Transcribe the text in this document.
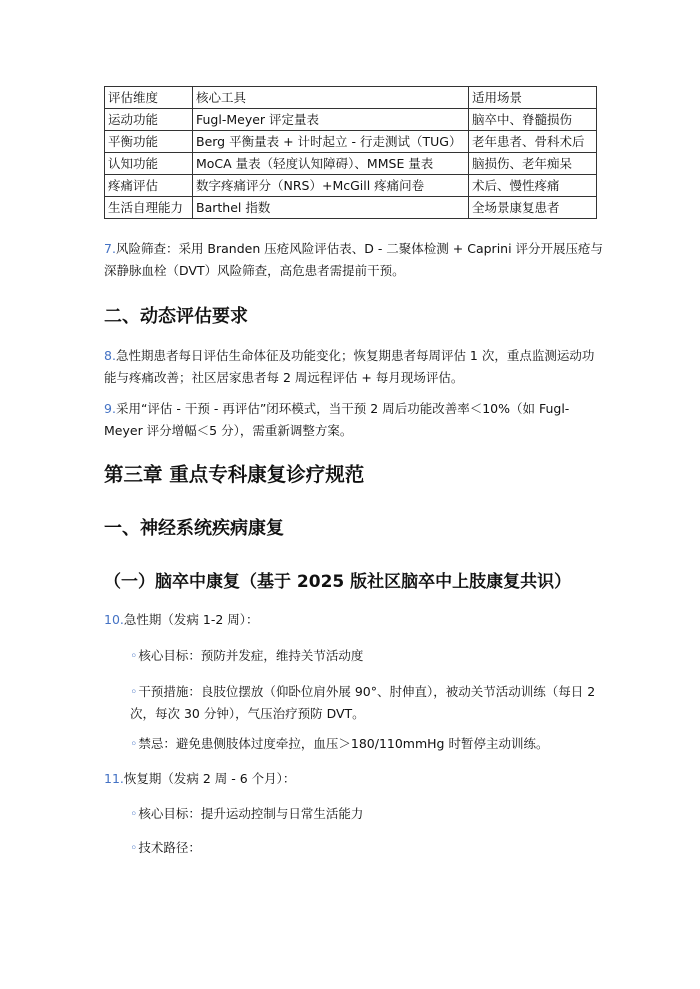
评估维度	核心工具	适用场景
运动功能	Fugl-Meyer 评定量表	脑卒中、脊髓损伤
平衡功能	Berg 平衡量表 + 计时起立 - 行走测试（TUG）	老年患者、骨科术后
认知功能	MoCA 量表（轻度认知障碍）、MMSE 量表	脑损伤、老年痴呆
疼痛评估	数字疼痛评分（NRS）+McGill 疼痛问卷	术后、慢性疼痛
生活自理能力	Barthel 指数	全场景康复患者

7.风险筛查：采用 Branden 压疮风险评估表、D - 二聚体检测 + Caprini 评分开展压疮与深静脉血栓（DVT）风险筛查，高危患者需提前干预。

二、动态评估要求

8.急性期患者每日评估生命体征及功能变化；恢复期患者每周评估 1 次，重点监测运动功能与疼痛改善；社区居家患者每 2 周远程评估 + 每月现场评估。

9.采用“评估 - 干预 - 再评估”闭环模式，当干预 2 周后功能改善率＜10%（如 Fugl-Meyer 评分增幅＜5 分），需重新调整方案。

第三章 重点专科康复诊疗规范
一、神经系统疾病康复
（一）脑卒中康复（基于 2025 版社区脑卒中上肢康复共识）

10.急性期（发病 1-2 周）：

◦核心目标：预防并发症，维持关节活动度

◦干预措施：良肢位摆放（仰卧位肩外展 90°、肘伸直），被动关节活动训练（每日 2 次，每次 30 分钟），气压治疗预防 DVT。

◦禁忌：避免患侧肢体过度牵拉，血压＞180/110mmHg 时暂停主动训练。

11.恢复期（发病 2 周 - 6 个月）：

◦核心目标：提升运动控制与日常生活能力

◦技术路径：
